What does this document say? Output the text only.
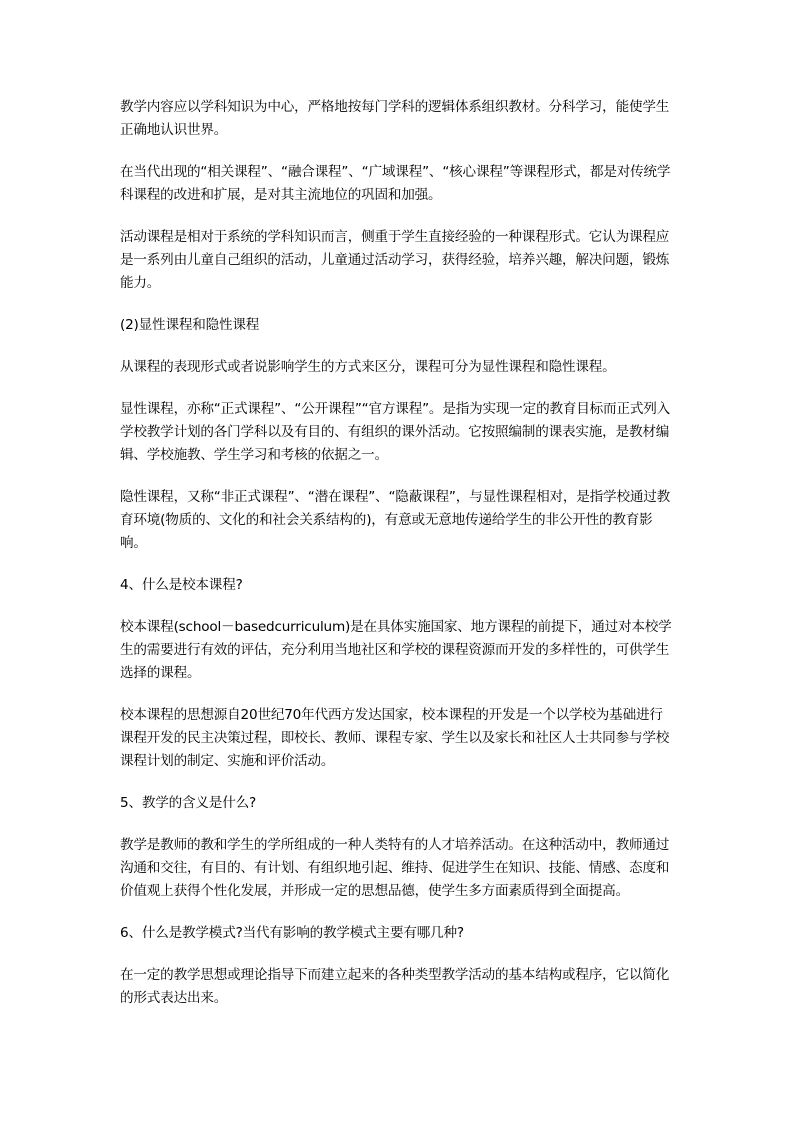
教学内容应以学科知识为中心，严格地按每门学科的逻辑体系组织教材。分科学习，能使学生正确地认识世界。

在当代出现的“相关课程”、“融合课程”、“广域课程”、“核心课程”等课程形式，都是对传统学科课程的改进和扩展，是对其主流地位的巩固和加强。

活动课程是相对于系统的学科知识而言，侧重于学生直接经验的一种课程形式。它认为课程应是一系列由儿童自己组织的活动，儿童通过活动学习，获得经验，培养兴趣，解决问题，锻炼能力。

(2)显性课程和隐性课程

从课程的表现形式或者说影响学生的方式来区分，课程可分为显性课程和隐性课程。

显性课程，亦称“正式课程”、“公开课程”“官方课程”。是指为实现一定的教育目标而正式列入学校教学计划的各门学科以及有目的、有组织的课外活动。它按照编制的课表实施，是教材编辑、学校施教、学生学习和考核的依据之一。

隐性课程，又称“非正式课程”、“潜在课程”、“隐蔽课程”，与显性课程相对，是指学校通过教育环境(物质的、文化的和社会关系结构的)，有意或无意地传递给学生的非公开性的教育影响。

4、什么是校本课程?

校本课程(school－basedcurriculum)是在具体实施国家、地方课程的前提下，通过对本校学生的需要进行有效的评估，充分利用当地社区和学校的课程资源而开发的多样性的，可供学生选择的课程。

校本课程的思想源自20世纪70年代西方发达国家，校本课程的开发是一个以学校为基础进行课程开发的民主决策过程，即校长、教师、课程专家、学生以及家长和社区人士共同参与学校课程计划的制定、实施和评价活动。

5、教学的含义是什么?

教学是教师的教和学生的学所组成的一种人类特有的人才培养活动。在这种活动中，教师通过沟通和交往，有目的、有计划、有组织地引起、维持、促进学生在知识、技能、情感、态度和价值观上获得个性化发展，并形成一定的思想品德，使学生多方面素质得到全面提高。

6、什么是教学模式?当代有影响的教学模式主要有哪几种?

在一定的教学思想或理论指导下而建立起来的各种类型教学活动的基本结构或程序，它以简化的形式表达出来。
